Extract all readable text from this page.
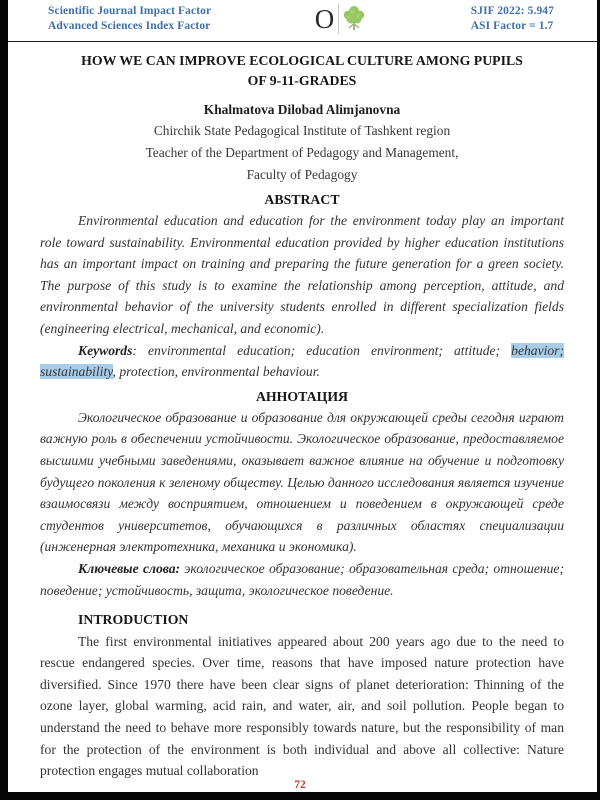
Scientific Journal Impact Factor
Advanced Sciences Index Factor	O	SJIF 2022: 5.947
ASI Factor = 1.7
HOW WE CAN IMPROVE ECOLOGICAL CULTURE AMONG PUPILS
OF 9-11-GRADES
Khalmatova Dilobad Alimjanovna
Chirchik State Pedagogical Institute of Tashkent region
Teacher of the Department of Pedagogy and Management,
Faculty of Pedagogy
ABSTRACT

Environmental education and education for the environment today play an important role toward sustainability. Environmental education provided by higher education institutions has an important impact on training and preparing the future generation for a green society. The purpose of this study is to examine the relationship among perception, attitude, and environmental behavior of the university students enrolled in different specialization fields (engineering electrical, mechanical, and economic).

Keywords: environmental education; education environment; attitude; behavior; sustainability, protection, environmental behaviour.

АННОТАЦИЯ

Экологическое образование и образование для окружающей среды сегодня играют важную роль в обеспечении устойчивости. Экологическое образование, предоставляемое высшими учебными заведениями, оказывает важное влияние на обучение и подготовку будущего поколения к зеленому обществу. Целью данного исследования является изучение взаимосвязи между восприятием, отношением и поведением в окружающей среде студентов университетов, обучающихся в различных областях специализации (инженерная электротехника, механика и экономика).

Ключевые слова: экологическое образование; образовательная среда; отношение; поведение; устойчивость, защита, экологическое поведение.

INTRODUCTION

The first environmental initiatives appeared about 200 years ago due to the need to rescue endangered species. Over time, reasons that have imposed nature protection have diversified. Since 1970 there have been clear signs of planet deterioration: Thinning of the ozone layer, global warming, acid rain, and water, air, and soil pollution. People began to understand the need to behave more responsibly towards nature, but the responsibility of man for the protection of the environment is both individual and above all collective: Nature protection engages mutual collaboration

72
